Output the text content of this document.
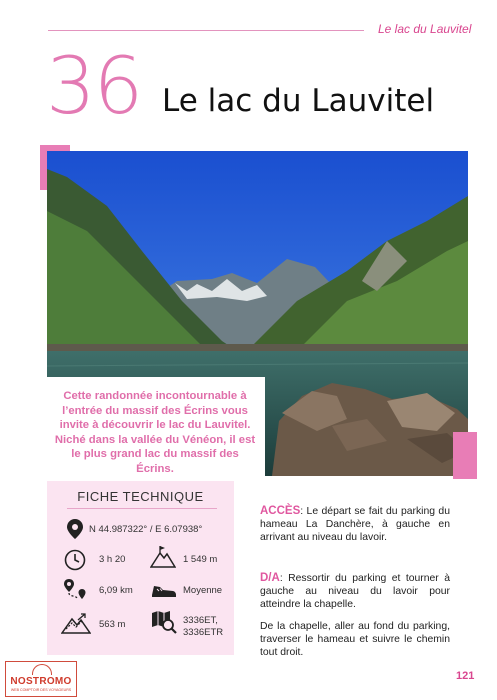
Le lac du Lauvitel
36 Le lac du Lauvitel

Cette randonnée incontournable à l’entrée du massif des Écrins vous invite à découvrir le lac du Lauvitel. Niché dans la vallée du Vénéon, il est le plus grand lac du massif des Écrins.

FICHE TECHNIQUE
N 44.987322° / E 6.07938°
3 h 20	1 549 m
6,09 km	Moyenne
563 m	3336ET,
3336ETR
ACCÈS: Le départ se fait du parking du hameau La Danchère, à gauche en arrivant au niveau du lavoir.
D/A: Ressortir du parking et tourner à gauche au niveau du lavoir pour atteindre la chapelle.
De la chapelle, aller au fond du parking, traverser le hameau et suivre le chemin tout droit.
121
NOSTROMO
WEB COMPTOIR DES VOYAGEURS
